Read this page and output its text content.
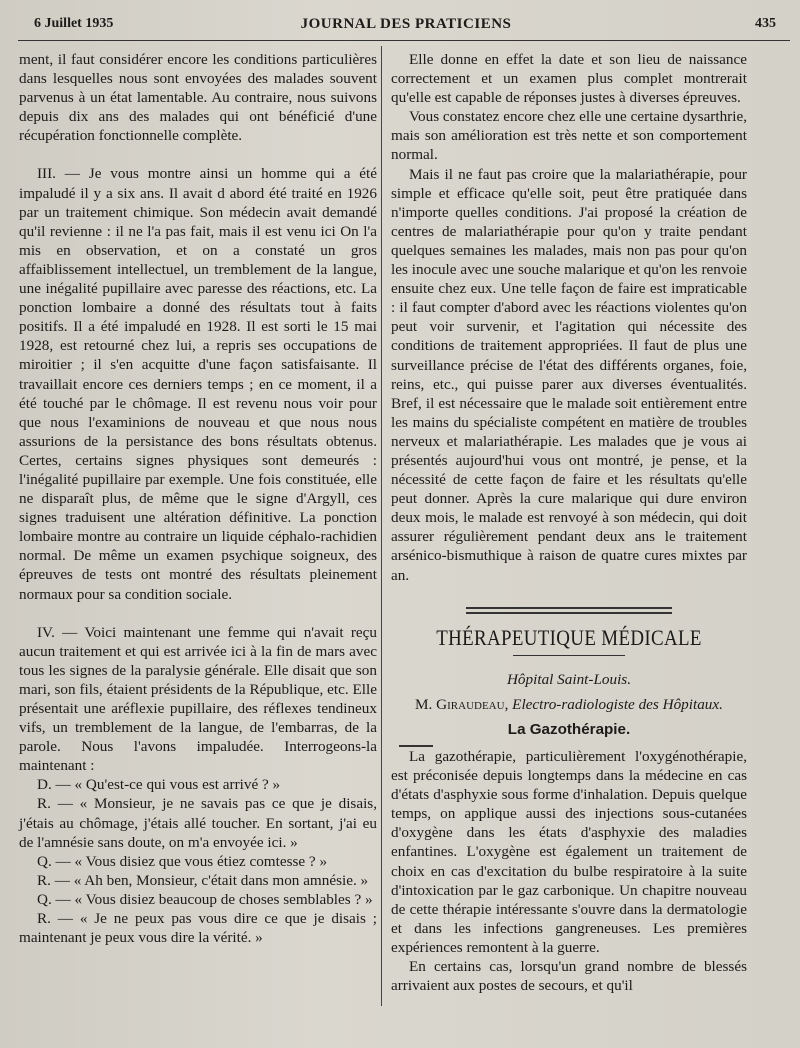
6 Juillet 1935	JOURNAL DES PRATICIENS	435

ment, il faut considérer encore les conditions particulières dans lesquelles nous sont envoyées des malades souvent parvenus à un état lamentable. Au contraire, nous suivons depuis dix ans des malades qui ont bénéficié d'une récupération fonctionnelle complète.

III. — Je vous montre ainsi un homme qui a été impaludé il y a six ans. Il avait d abord été traité en 1926 par un traitement chimique. Son médecin avait demandé qu'il revienne : il ne l'a pas fait, mais il est venu ici On l'a mis en observation, et on a constaté un gros affaiblissement intellectuel, un tremblement de la langue, une inégalité pupillaire avec paresse des réactions, etc. La ponction lombaire a donné des résultats tout à faits positifs. Il a été impaludé en 1928. Il est sorti le 15 mai 1928, est retourné chez lui, a repris ses occupations de miroitier ; il s'en acquitte d'une façon satisfaisante. Il travaillait encore ces derniers temps ; en ce moment, il a été touché par le chômage. Il est revenu nous voir pour que nous l'examinions de nouveau et que nous nous assurions de la persistance des bons résultats obtenus. Certes, certains signes physiques sont demeurés : l'inégalité pupillaire par exemple. Une fois constituée, elle ne disparaît plus, de même que le signe d'Argyll, ces signes traduisent une altération définitive. La ponction lombaire montre au contraire un liquide céphalo-rachidien normal. De même un examen psychique soigneux, des épreuves de tests ont montré des résultats pleinement normaux pour sa condition sociale.

IV. — Voici maintenant une femme qui n'avait reçu aucun traitement et qui est arrivée ici à la fin de mars avec tous les signes de la paralysie générale. Elle disait que son mari, son fils, étaient présidents de la République, etc. Elle présentait une aréflexie pupillaire, des réflexes tendineux vifs, un tremblement de la langue, de l'embarras, de la parole. Nous l'avons impaludée. Interrogeons-la maintenant :

D. — « Qu'est-ce qui vous est arrivé ? »

R. — « Monsieur, je ne savais pas ce que je disais, j'étais au chômage, j'étais allé toucher. En sortant, j'ai eu de l'amnésie sans doute, on m'a envoyée ici. »

Q. — « Vous disiez que vous étiez comtesse ? »

R. — « Ah ben, Monsieur, c'était dans mon amnésie. »

Q. — « Vous disiez beaucoup de choses semblables ? »

R. — « Je ne peux pas vous dire ce que je disais ; maintenant je peux vous dire la vérité. »

Elle donne en effet la date et son lieu de naissance correctement et un examen plus complet montrerait qu'elle est capable de réponses justes à diverses épreuves.

Vous constatez encore chez elle une certaine dysarthrie, mais son amélioration est très nette et son comportement normal.

Mais il ne faut pas croire que la malariathérapie, pour simple et efficace qu'elle soit, peut être pratiquée dans n'importe quelles conditions. J'ai proposé la création de centres de malariathérapie pour qu'on y traite pendant quelques semaines les malades, mais non pas pour qu'on les inocule avec une souche malarique et qu'on les renvoie ensuite chez eux. Une telle façon de faire est impraticable : il faut compter d'abord avec les réactions violentes qu'on peut voir survenir, et l'agitation qui nécessite des conditions de traitement appropriées. Il faut de plus une surveillance précise de l'état des différents organes, foie, reins, etc., qui puisse parer aux diverses éventualités. Bref, il est nécessaire que le malade soit entièrement entre les mains du spécialiste compétent en matière de troubles nerveux et malariathérapie. Les malades que je vous ai présentés aujourd'hui vous ont montré, je pense, et la nécessité de cette façon de faire et les résultats qu'elle peut donner. Après la cure malarique qui dure environ deux mois, le malade est renvoyé à son médecin, qui doit assurer régulièrement pendant deux ans le traitement arsénico-bismuthique à raison de quatre cures mixtes par an.

THÉRAPEUTIQUE MÉDICALE
Hôpital Saint-Louis.
M. Giraudeau, Electro-radiologiste des Hôpitaux.
La Gazothérapie.

La gazothérapie, particulièrement l'oxygénothérapie, est préconisée depuis longtemps dans la médecine en cas d'états d'asphyxie sous forme d'inhalation. Depuis quelque temps, on applique aussi des injections sous-cutanées d'oxygène dans les états d'asphyxie des maladies enfantines. L'oxygène est également un traitement de choix en cas d'excitation du bulbe respiratoire à la suite d'intoxication par le gaz carbonique. Un chapitre nouveau de cette thérapie intéressante s'ouvre dans la dermatologie et dans les infections gangreneuses. Les premières expériences remontent à la guerre.

En certains cas, lorsqu'un grand nombre de blessés arrivaient aux postes de secours, et qu'il
